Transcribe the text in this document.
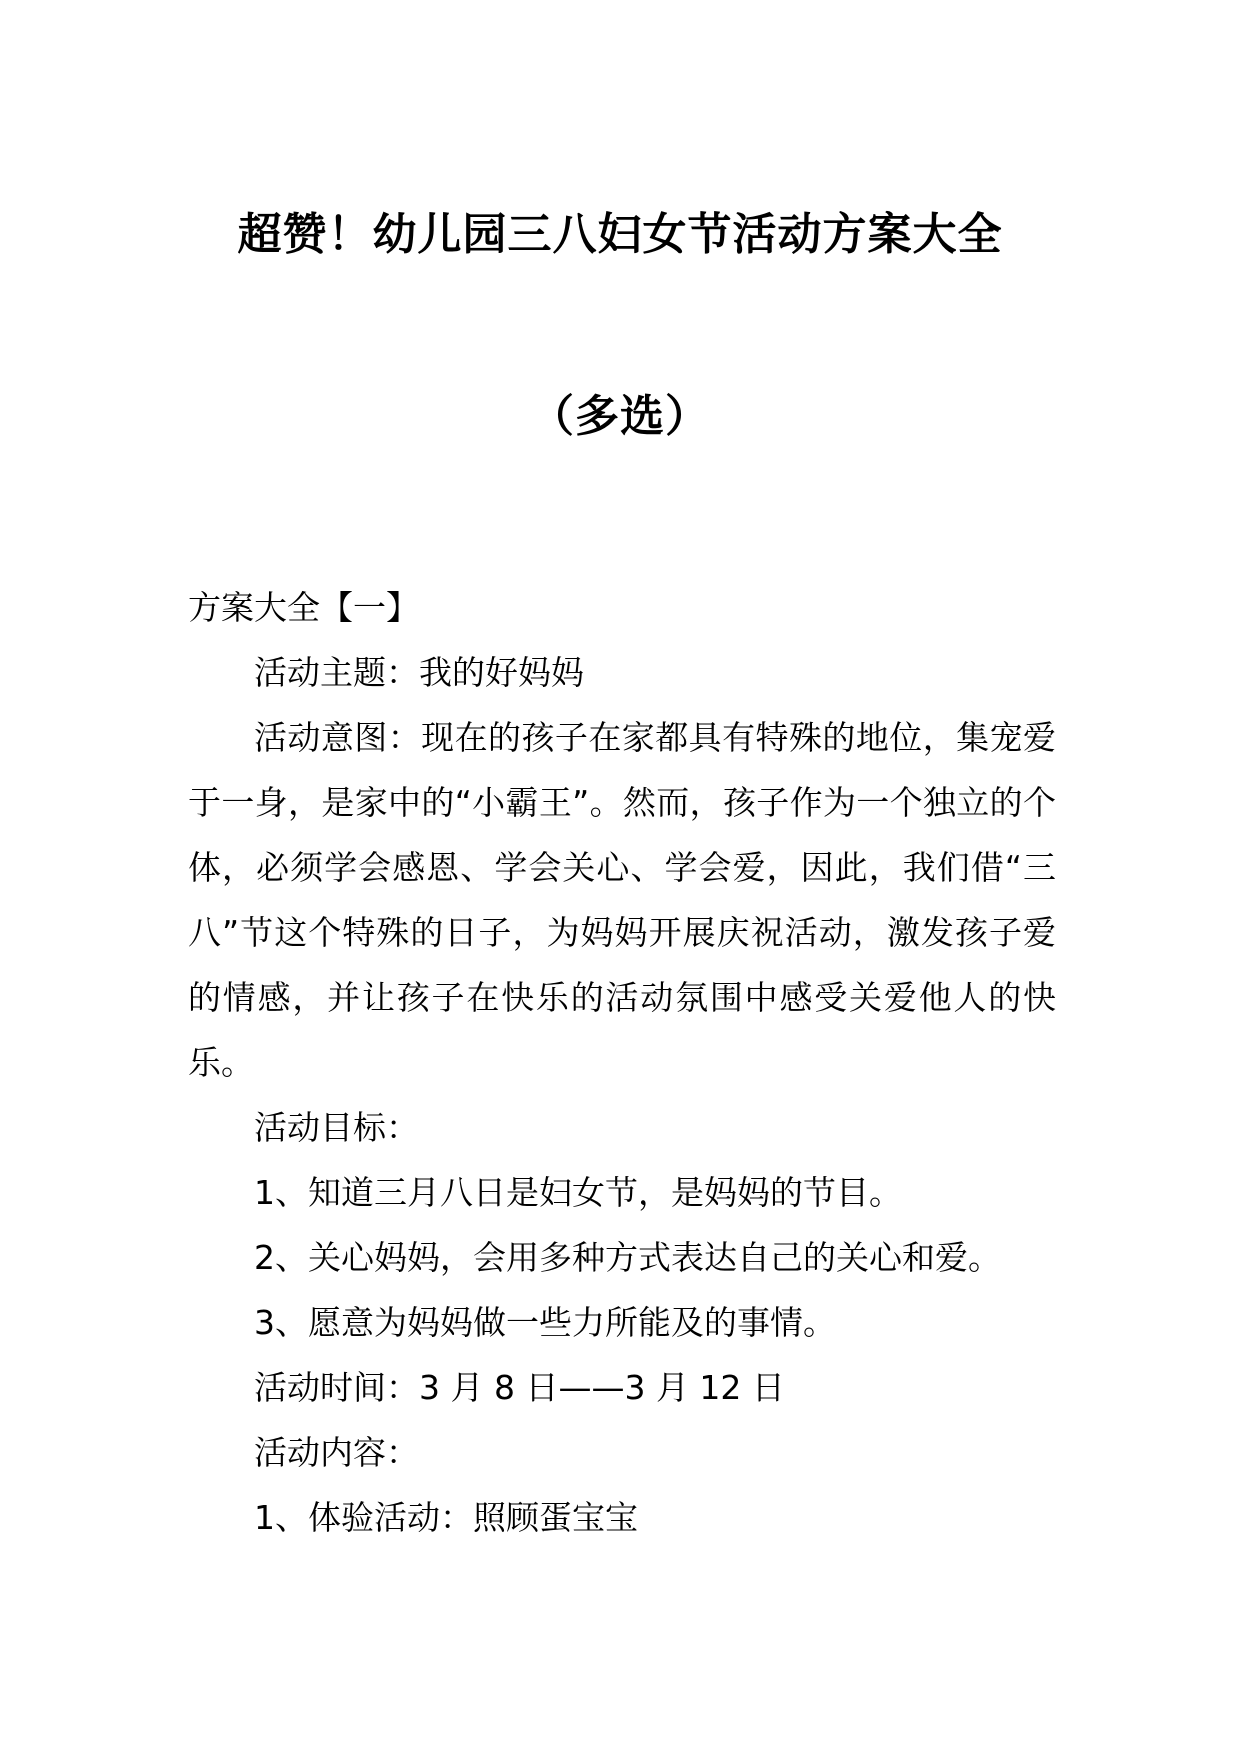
超赞！幼儿园三八妇女节活动方案大全
（多选）
方案大全【一】
活动主题：我的好妈妈

活动意图：现在的孩子在家都具有特殊的地位，集宠爱于一身，是家中的“小霸王”。然而，孩子作为一个独立的个体，必须学会感恩、学会关心、学会爱，因此，我们借“三八”节这个特殊的日子，为妈妈开展庆祝活动，激发孩子爱的情感，并让孩子在快乐的活动氛围中感受关爱他人的快乐。

活动目标：
1、知道三月八日是妇女节，是妈妈的节目。
2、关心妈妈，会用多种方式表达自己的关心和爱。
3、愿意为妈妈做一些力所能及的事情。
活动时间：3 月 8 日——3 月 12 日
活动内容：
1、体验活动：照顾蛋宝宝
